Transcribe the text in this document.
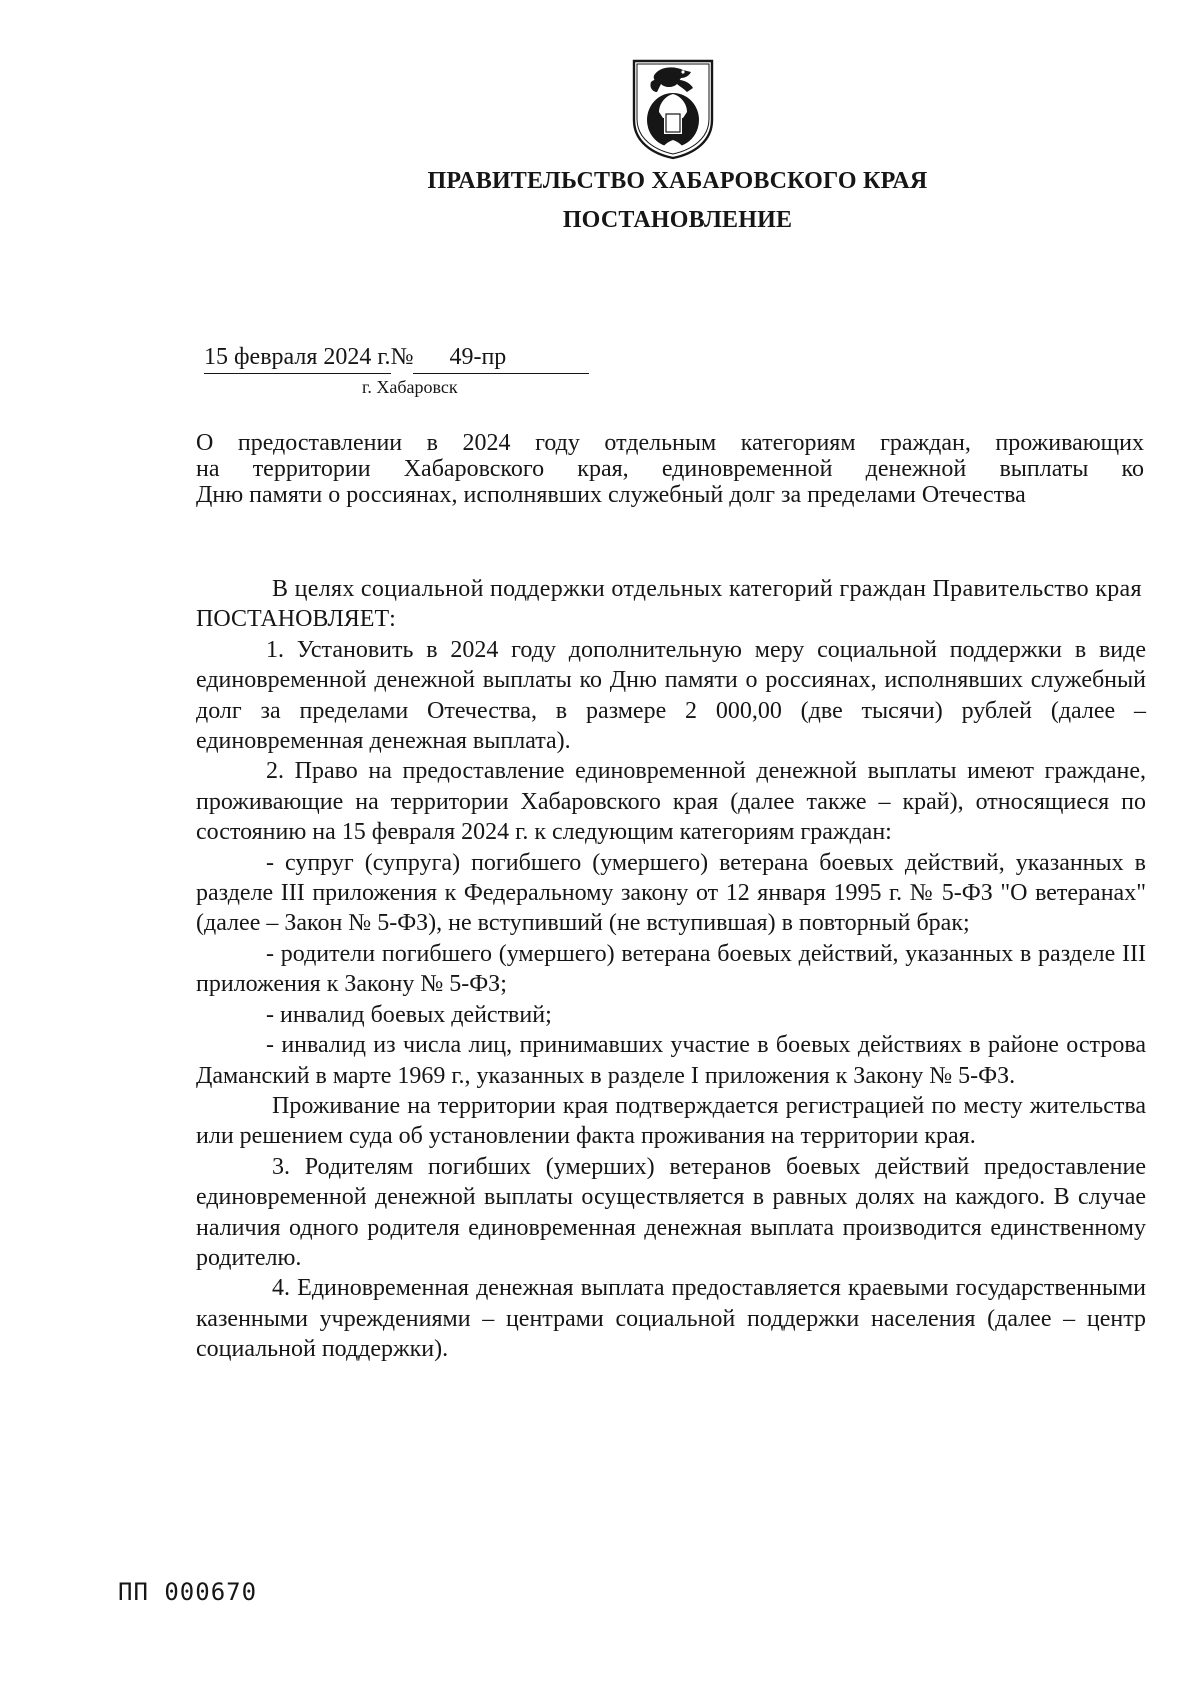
ПРАВИТЕЛЬСТВО ХАБАРОВСКОГО КРАЯ
ПОСТАНОВЛЕНИЕ
15 февраля 2024 г.№ 49-пр
г. Хабаровск
О предоставлении в 2024 году отдельным категориям граждан, проживающих
на территории Хабаровского края, единовременной денежной выплаты ко
Дню памяти о россиянах, исполнявших служебный долг за пределами Отечества

В целях социальной поддержки отдельных категорий граждан Правительство края

ПОСТАНОВЛЯЕТ:

1. Установить в 2024 году дополнительную меру социальной поддержки в виде единовременной денежной выплаты ко Дню памяти о россиянах, исполнявших служебный долг за пределами Отечества, в размере 2 000,00 (две тысячи) рублей (далее – единовременная денежная выплата).

2. Право на предоставление единовременной денежной выплаты имеют граждане, проживающие на территории Хабаровского края (далее также – край), относящиеся по состоянию на 15 февраля 2024 г. к следующим категориям граждан:

- супруг (супруга) погибшего (умершего) ветерана боевых действий, указанных в разделе III приложения к Федеральному закону от 12 января 1995 г. № 5-ФЗ "О ветеранах" (далее – Закон № 5-ФЗ), не вступивший (не вступившая) в повторный брак;

- родители погибшего (умершего) ветерана боевых действий, указанных в разделе III приложения к Закону № 5-ФЗ;

- инвалид боевых действий;

- инвалид из числа лиц, принимавших участие в боевых действиях в районе острова Даманский в марте 1969 г., указанных в разделе I приложения к Закону № 5-ФЗ.

Проживание на территории края подтверждается регистрацией по месту жительства или решением суда об установлении факта проживания на территории края.

3. Родителям погибших (умерших) ветеранов боевых действий предоставление единовременной денежной выплаты осуществляется в равных долях на каждого. В случае наличия одного родителя единовременная денежная выплата производится единственному родителю.

4. Единовременная денежная выплата предоставляется краевыми государственными казенными учреждениями – центрами социальной поддержки населения (далее – центр социальной поддержки).

ПП 000670
